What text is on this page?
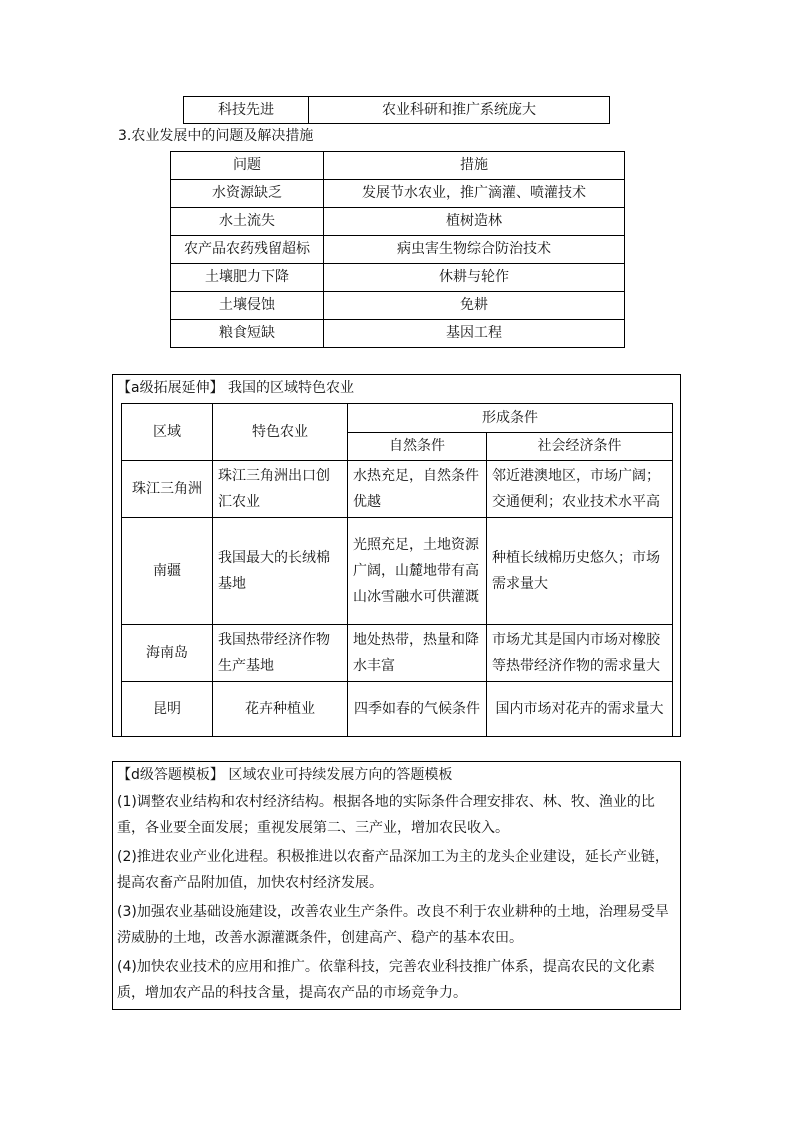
科技先进	农业科研和推广系统庞大
3.农业发展中的问题及解决措施
问题	措施
水资源缺乏	发展节水农业，推广滴灌、喷灌技术
水土流失	植树造林
农产品农药残留超标	病虫害生物综合防治技术
土壤肥力下降	休耕与轮作
土壤侵蚀	免耕
粮食短缺	基因工程
【a级拓展延伸】 我国的区域特色农业
区域	特色农业	形成条件	
		自然条件	社会经济条件
珠江三角洲	珠江三角洲出口创汇农业	水热充足，自然条件优越	邻近港澳地区，市场广阔；交通便利；农业技术水平高
南疆	我国最大的长绒棉基地	光照充足，土地资源广阔，山麓地带有高山冰雪融水可供灌溉	种植长绒棉历史悠久；市场需求量大
海南岛	我国热带经济作物生产基地	地处热带，热量和降水丰富	市场尤其是国内市场对橡胶等热带经济作物的需求量大
昆明	花卉种植业	四季如春的气候条件	国内市场对花卉的需求量大
【d级答题模板】 区域农业可持续发展方向的答题模板
(1)调整农业结构和农村经济结构。根据各地的实际条件合理安排农、林、牧、渔业的比重，各业要全面发展；重视发展第二、三产业，增加农民收入。
(2)推进农业产业化进程。积极推进以农畜产品深加工为主的龙头企业建设，延长产业链，提高农畜产品附加值，加快农村经济发展。
(3)加强农业基础设施建设，改善农业生产条件。改良不利于农业耕种的土地，治理易受旱涝威胁的土地，改善水源灌溉条件，创建高产、稳产的基本农田。
(4)加快农业技术的应用和推广。依靠科技，完善农业科技推广体系，提高农民的文化素质，增加农产品的科技含量，提高农产品的市场竞争力。
